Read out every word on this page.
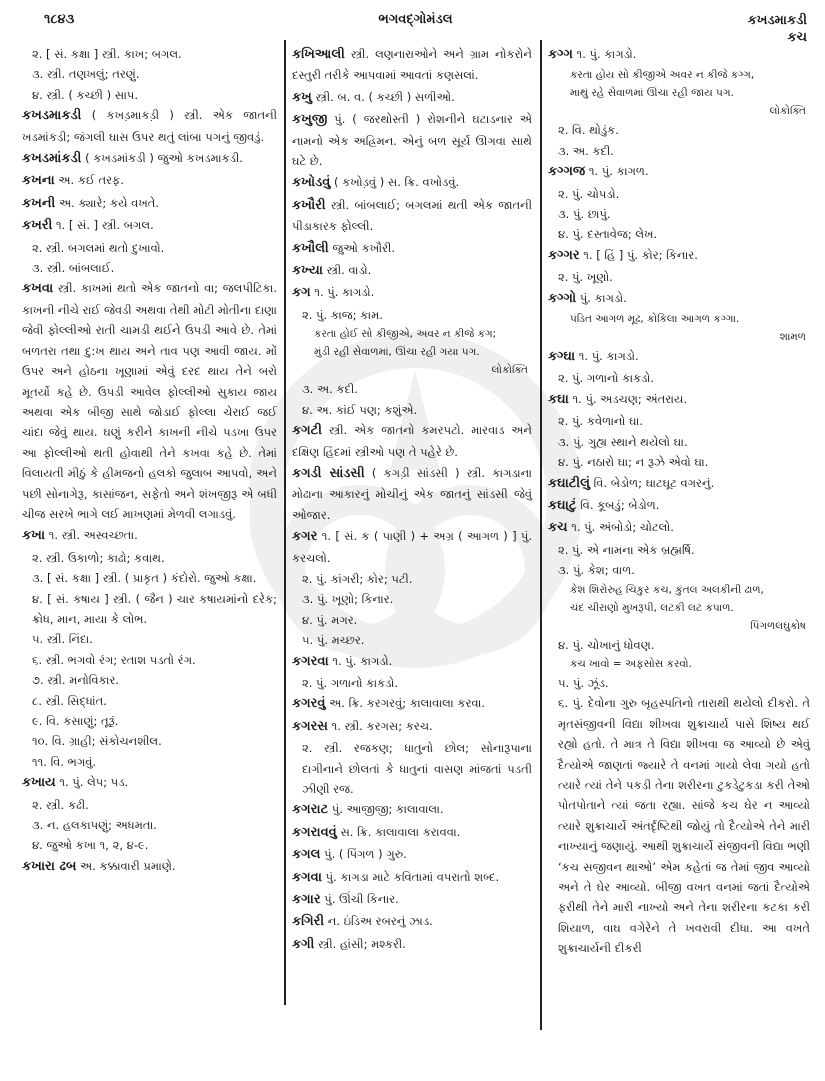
૧૮૪૩	ભગવદ્ગોમંડલ	કખડમાકડી
કચ
૨. [ સં. કક્ષા ] સ્ત્રી. કાખ; બગલ.
૩. સ્ત્રી. તણખલું; તરણું.
૪. સ્ત્રી. ( કચ્છી ) સાપ.
કખડમાકડી ( કખડ઼માકડ઼ી ) સ્ત્રી. એક જાતની ખડમાંકડી; જંગલી ઘાસ ઉપર થતું લાંબા પગનું જીવડું.
કખડમાંકડી ( કખડમાંકડી ) જુઓ કખડમાકડી.
કખના અ. કઈ તરફ.
કખની અ. ક્યારે; કયે વખતે.
કખરી ૧. [ સં. ] સ્ત્રી. બગલ.
૨. સ્ત્રી. બગલમાં થતો દુખાવો.
૩. સ્ત્રી. બાંબલાઈ.
કખવા સ્ત્રી. કાખમાં થતો એક જાતનો વા; જલપીટિકા. કાખની નીચે રાઈ જેવડી અથવા તેથી મોટી મોતીના દાણા જેવી ફોલ્લીઓ રાતી ચામડી થઈને ઉપડી આવે છે. તેમાં બળતરા તથા દુ:ખ થાય અને તાવ પણ આવી જાય. મોં ઉપર અને હોઠના ખૂણામાં એવું દરદ થાય તેને બરો મૂતર્યો કહે છે. ઉપડી આવેલ ફોલ્લીઓ સુકાય જાય અથવા એક બીજી સાથે જોડાઈ ફોલ્લા ચેરાઈ જઈ ચાંદા જેવું થાય. ઘણું કરીને કાખની નીચે પડખા ઉપર આ ફોલ્લીઓ થતી હોવાથી તેને કખવા કહે છે. તેમાં વિલાયતી મીઠું કે હીમજનો હલકો જુલાબ આપવો, અને પછી સોનાગેરૂ, કાસાંજન, સફેતો અને શંખજીરૂ એ બધી ચીજ સરખે ભાગે લઈ માખણમાં મેળવી લગાડવું.
કખા ૧. સ્ત્રી. અસ્વચ્છતા.
૨. સ્ત્રી. ઉકાળો; કાઢો; કવાથ.
૩. [ સં. કક્ષા ] સ્ત્રી. ( પ્રાકૃત ) કંદોરો. જુઓ કક્ષા.
૪. [ સં. કષાય ] સ્ત્રી. ( જૈન ) ચાર કષાયમાંનો દરેક; ક્રોધ, માન, માયા કે લોભ.
૫. સ્ત્રી. નિંદા.
૬. સ્ત્રી. ભગવો રંગ; રતાશ પડતો રંગ.
૭. સ્ત્રી. મનોવિકાર.
૮. સ્ત્રી. સિદ્ધાંત.
૯. વિ. કસાણું; તૂરૂં.
૧૦. વિ. ગ્રાહી; સંકોચનશીલ.
૧૧. વિ. ભગવું.
કખાય ૧. પું. લેપ; પડ.
૨. સ્ત્રી. કઢી.
૩. ન. હલકાપણું; અધમતા.
૪. જુઓ કખા ૧, ૨, ૪-૯.
કખારા ઢબ અ. કક્કાવારી પ્રમાણે.
કખિઆલી સ્ત્રી. લણનારાઓને અને ગ્રામ નોકરોને દસ્તુરી તરીકે આપવામાં આવતાં કણસલાં.
કખુ સ્ત્રી. બ. વ. ( કચ્છી ) સળીઓ.
કખુજી પું. ( જરથોસ્તી ) રોશનીને ઘટાડનાર એ નામનો એક અહ્રિમન. એનું બળ સૂર્ય ઊગવા સાથે ઘટે છે.
કખોડવું ( કખોડ઼વું ) સ. ક્રિ. વખોડવું.
કખૌરી સ્ત્રી. બાંબલાઈ; બગલમાં થતી એક જાતની પીડાકારક ફોલ્લી.
કખૌલી જુઓ કખૌરી.
કખ્યા સ્ત્રી. વાડો.
કગ ૧. પું. કાગડો.
૨. પું. કાજ; કામ.
કરતા હોઈ સો કીજીએ, અવર ન કીજે કગ;
મુંડી રહી સેવાળમાં, ઊંચા રહી ગયા પગ.
લોકોક્તિ
૩. અ. કદી.
૪. અ. કાંઈ પણ; કશુંએ.
કગટી સ્ત્રી. એક જાતનો કમરપટો. મારવાડ અને દક્ષિણ હિંદમાં સ્ત્રીઓ પણ તે પહેરે છે.
કગડી સાંડસી ( કગડ઼ી સાંડસી ) સ્ત્રી. કાગડાના મોઢાના આકારનું મોચીનું એક જાતનું સાંડસી જેવું ઓજાર.
કગર ૧. [ સં. ક ( પાણી ) + અગ્ર ( આગળ ) ] પું. કરચલો.
૨. પું. કાંગરી; કોર; પટી.
૩. પું. ખૂણો; કિનાર.
૪. પું. મગર.
૫. પું. મચ્છર.
કગરવા ૧. પું. કાગડો.
૨. પું. ગળાનો કાકડો.
કગરવું અ. ક્રિ. કરગરવું; કાલાવાલા કરવા.
કગરસ ૧. સ્ત્રી. કરગસ; કરચ.
૨. સ્ત્રી. રજકણ; ધાતુનો છોલ; સોનારૂપાના દાગીનાને છોલતાં કે ધાતુનાં વાસણ માંજતાં પડતી ઝીણી રજ.
કગરાટ પું. આજીજી; કાલાવાલા.
કગરાવવું સ. ક્રિ. કાલાવાલા કરાવવા.
કગલ પું. ( પિંગળ ) ગુરુ.
કગવા પું. કાગડા માટે કવિતામાં વપરાતો શબ્દ.
કગાર પું. ઊંચી કિનાર.
કગિરી ન. ઇંડિઅ રબરનું ઝાડ.
કગી સ્ત્રી. હાંસી; મશ્કરી.
કગ્ગ ૧. પું. કાગડો.
કરતા હોય સો કીજીએ અવર ન કીજે કગ્ગ,
માથું રહે સેવાળમાં ઊંચા રહી જાય પગ.
લોકોક્તિ
૨. વિ. થોડુંક.
૩. અ. કદી.
કગ્ગજ ૧. પું. કાગળ.
૨. પું. ચોપડો.
૩. પું. છાપું.
૪. પું. દસ્તાવેજ; લેખ.
કગ્ગર ૧. [ હિં ] પું. કોર; કિનાર.
૨. પું. ખૂણો.
કગ્ગો પું. કાગડો.
પંડિત આગળ મૂઢ, કોકિલા આગળ કગ્ગા.
શામળ
કગ્ઘા ૧. પું. કાગડો.
૨. પું. ગળાનો કાકડો.
કઘા ૧. પું. અડચણ; અંતરાય.
૨. પું. કવેળાનો ઘા.
૩. પું. ગુહ્ય સ્થાને થયેલો ઘા.
૪. પું. નઠારો ઘા; ન રૂઝે એવો ઘા.
કઘાટીલું વિ. બેડોળ; ઘાટઘૂટ વગરનું.
કઘાટું વિ. કૂબડું; બેડોળ.
કચ ૧. પું. અંબોડો; ચોટલો.
૨. પું. એ નામના એક બ્રહ્મર્ષિ.
૩. પું. કેશ; વાળ.
કેશ શિરોરુહ ચિકુર કચ, કુંતલ અલકીની ઢાળ,
ચંદ ચીરાણો મુખરૂપી, લટકી લટ કપાળ.
પિંગળલઘુકોષ
૪. પું. ચોખાનું ધોવણ.
કચ ખાવો = અફસોસ કરવો.
૫. પું. ઝૂંડ.
૬. પું. દેવોના ગુરુ બૃહસ્પતિનો તારાથી થયેલો દીકરો. તે મૃતસંજીવની વિદ્યા શીખવા શુક્રાચાર્ય પાસે શિષ્ય થઈ રહ્યો હતો. તે માત્ર તે વિદ્યા શીખવા જ આવ્યો છે એવું દૈત્યોએ જાણતાં જ્યારે તે વનમાં ગાયો લેવા ગયો હતો ત્યારે ત્યાં તેને પકડી તેના શરીરના ટુકડેટુકડા કરી તેઓ પોતપોતાને ત્યાં જતા રહ્યા. સાંજે કચ ઘેર ન આવ્યો ત્યારે શુક્રાચાર્યે અંતર્દૃષ્ટિથી જોયું તો દૈત્યોએ તેને મારી નાખ્યાનું જણાયું. આથી શુક્રાચાર્યે સંજીવની વિદ્યા ભણી ‘કચ સજીવન થાઓ’ એમ કહેતાં જ તેમાં જીવ આવ્યો અને તે ઘેર આવ્યો. બીજી વખત વનમાં જતાં દૈત્યોએ ફરીથી તેને મારી નાખ્યો અને તેના શરીરના કટકા કરી શિયાળ, વાઘ વગેરેને તે ખવરાવી દીધા. આ વખતે શુક્રાચાર્યની દીકરી
